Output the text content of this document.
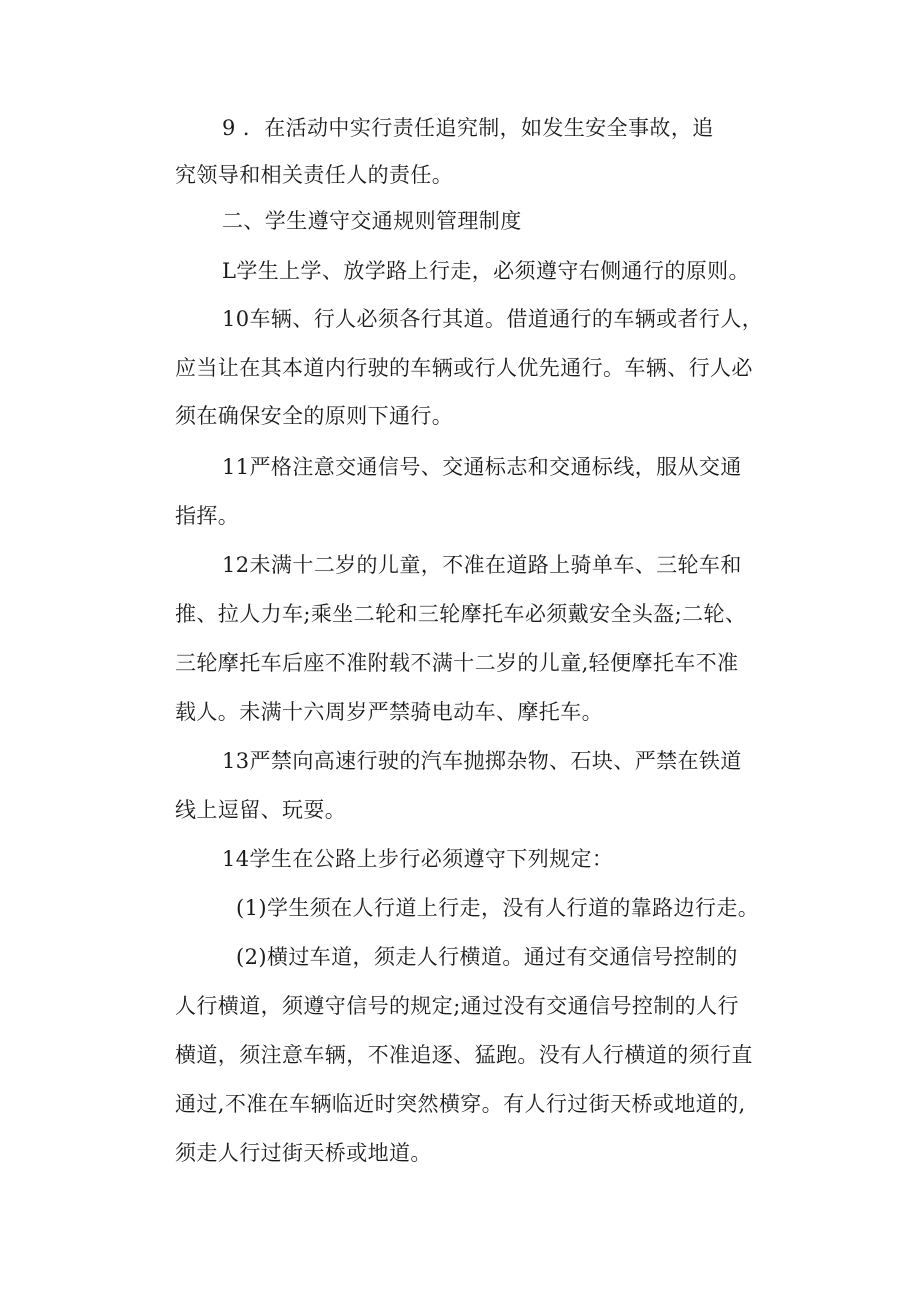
9 ．在活动中实行责任追究制，如发生安全事故，追
究领导和相关责任人的责任。
二、学生遵守交通规则管理制度
L学生上学、放学路上行走，必须遵守右侧通行的原则。
10车辆、行人必须各行其道。借道通行的车辆或者行人，
应当让在其本道内行驶的车辆或行人优先通行。车辆、行人必
须在确保安全的原则下通行。
11严格注意交通信号、交通标志和交通标线，服从交通
指挥。
12未满十二岁的儿童，不准在道路上骑单车、三轮车和
推、拉人力车;乘坐二轮和三轮摩托车必须戴安全头盔;二轮、
三轮摩托车后座不准附载不满十二岁的儿童,轻便摩托车不准
载人。未满十六周岁严禁骑电动车、摩托车。
13严禁向高速行驶的汽车抛掷杂物、石块、严禁在铁道
线上逗留、玩耍。
14学生在公路上步行必须遵守下列规定：
(1)学生须在人行道上行走，没有人行道的靠路边行走。
(2)横过车道，须走人行横道。通过有交通信号控制的
人行横道，须遵守信号的规定;通过没有交通信号控制的人行
横道，须注意车辆，不准追逐、猛跑。没有人行横道的须行直
通过,不准在车辆临近时突然横穿。有人行过街天桥或地道的,
须走人行过街天桥或地道。
